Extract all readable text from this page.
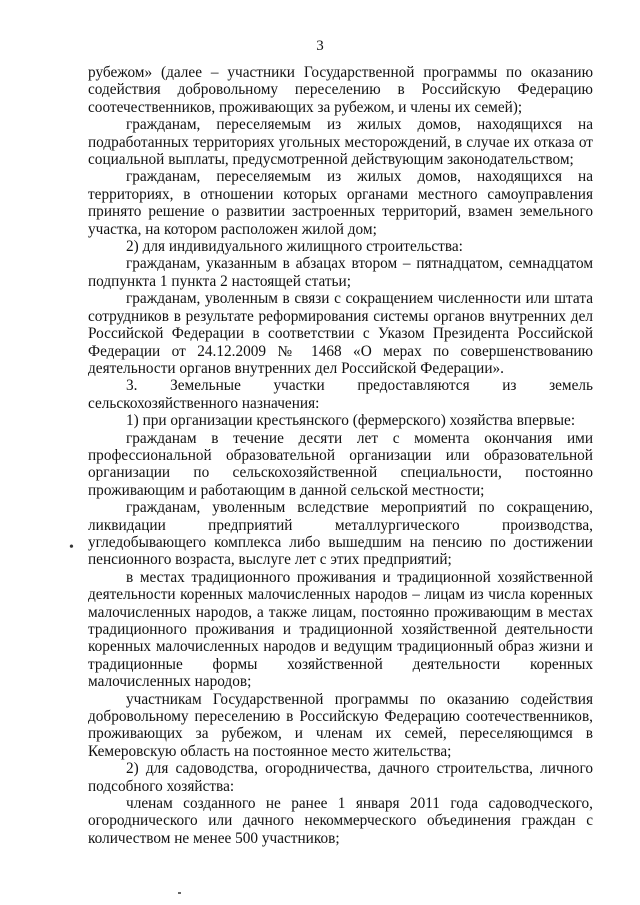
3
•

рубежом» (далее – участники Государственной программы по оказанию содействия добровольному переселению в Российскую Федерацию соотечественников, проживающих за рубежом, и члены их семей);

гражданам, переселяемым из жилых домов, находящихся на подработанных территориях угольных месторождений, в случае их отказа от социальной выплаты, предусмотренной действующим законодательством;

гражданам, переселяемым из жилых домов, находящихся на территориях, в отношении которых органами местного самоуправления принято решение о развитии застроенных территорий, взамен земельного участка, на котором расположен жилой дом;

2) для индивидуального жилищного строительства:

гражданам, указанным в абзацах втором – пятнадцатом, семнадцатом подпункта 1 пункта 2 настоящей статьи;

гражданам, уволенным в связи с сокращением численности или штата сотрудников в результате реформирования системы органов внутренних дел Российской Федерации в соответствии с Указом Президента Российской Федерации от 24.12.2009 № 1468 «О мерах по совершенствованию деятельности органов внутренних дел Российской Федерации».

3. Земельные участки предоставляются из земель сельскохозяйственного назначения:

1) при организации крестьянского (фермерского) хозяйства впервые:

гражданам в течение десяти лет с момента окончания ими профессиональной образовательной организации или образовательной организации по сельскохозяйственной специальности, постоянно проживающим и работающим в данной сельской местности;

гражданам, уволенным вследствие мероприятий по сокращению, ликвидации предприятий металлургического производства, угледобывающего комплекса либо вышедшим на пенсию по достижении пенсионного возраста, выслуге лет с этих предприятий;

в местах традиционного проживания и традиционной хозяйственной деятельности коренных малочисленных народов – лицам из числа коренных малочисленных народов, а также лицам, постоянно проживающим в местах традиционного проживания и традиционной хозяйственной деятельности коренных малочисленных народов и ведущим традиционный образ жизни и традиционные формы хозяйственной деятельности коренных малочисленных народов;

участникам Государственной программы по оказанию содействия добровольному переселению в Российскую Федерацию соотечественников, проживающих за рубежом, и членам их семей, переселяющимся в Кемеровскую область на постоянное место жительства;

2) для садоводства, огородничества, дачного строительства, личного подсобного хозяйства:

членам созданного не ранее 1 января 2011 года садоводческого, огороднического или дачного некоммерческого объединения граждан с количеством не менее 500 участников;
